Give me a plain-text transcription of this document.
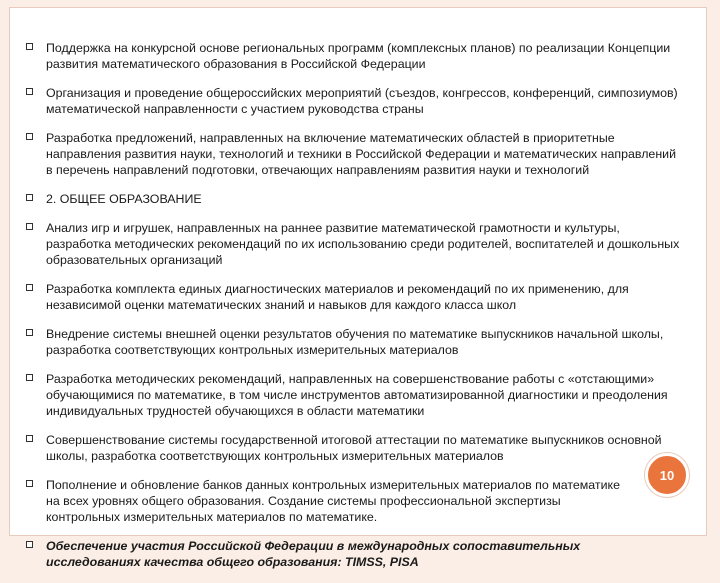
Поддержка на конкурсной основе региональных программ (комплексных планов) по реализации Концепции развития математического образования в Российской Федерации
Организация и проведение общероссийских мероприятий (съездов, конгрессов, конференций, симпозиумов) математической направленности с участием руководства страны
Разработка предложений, направленных на включение математических областей в приоритетные направления развития науки, технологий и техники в Российской Федерации и математических направлений в перечень направлений подготовки, отвечающих направлениям развития науки и технологий
2. ОБЩЕЕ ОБРАЗОВАНИЕ
Анализ игр и игрушек, направленных на раннее развитие математической грамотности и культуры, разработка методических рекомендаций по их использованию среди родителей, воспитателей и дошкольных образовательных организаций
Разработка комплекта единых диагностических материалов и рекомендаций по их применению, для независимой оценки математических знаний и навыков для каждого класса школ
Внедрение системы внешней оценки результатов обучения по математике выпускников начальной школы, разработка соответствующих контрольных измерительных материалов
Разработка методических рекомендаций, направленных на совершенствование работы с «отстающими» обучающимися по математике, в том числе инструментов автоматизированной диагностики и преодоления индивидуальных трудностей обучающихся в области математики
Совершенствование системы государственной итоговой аттестации по математике выпускников основной школы, разработка соответствующих контрольных измерительных материалов
Пополнение и обновление банков данных контрольных измерительных материалов по математике на всех уровнях общего образования. Создание системы профессиональной экспертизы контрольных измерительных материалов по математике.
Обеспечение участия Российской Федерации в международных сопоставительных исследованиях качества общего образования: TIMSS, PISA
10
